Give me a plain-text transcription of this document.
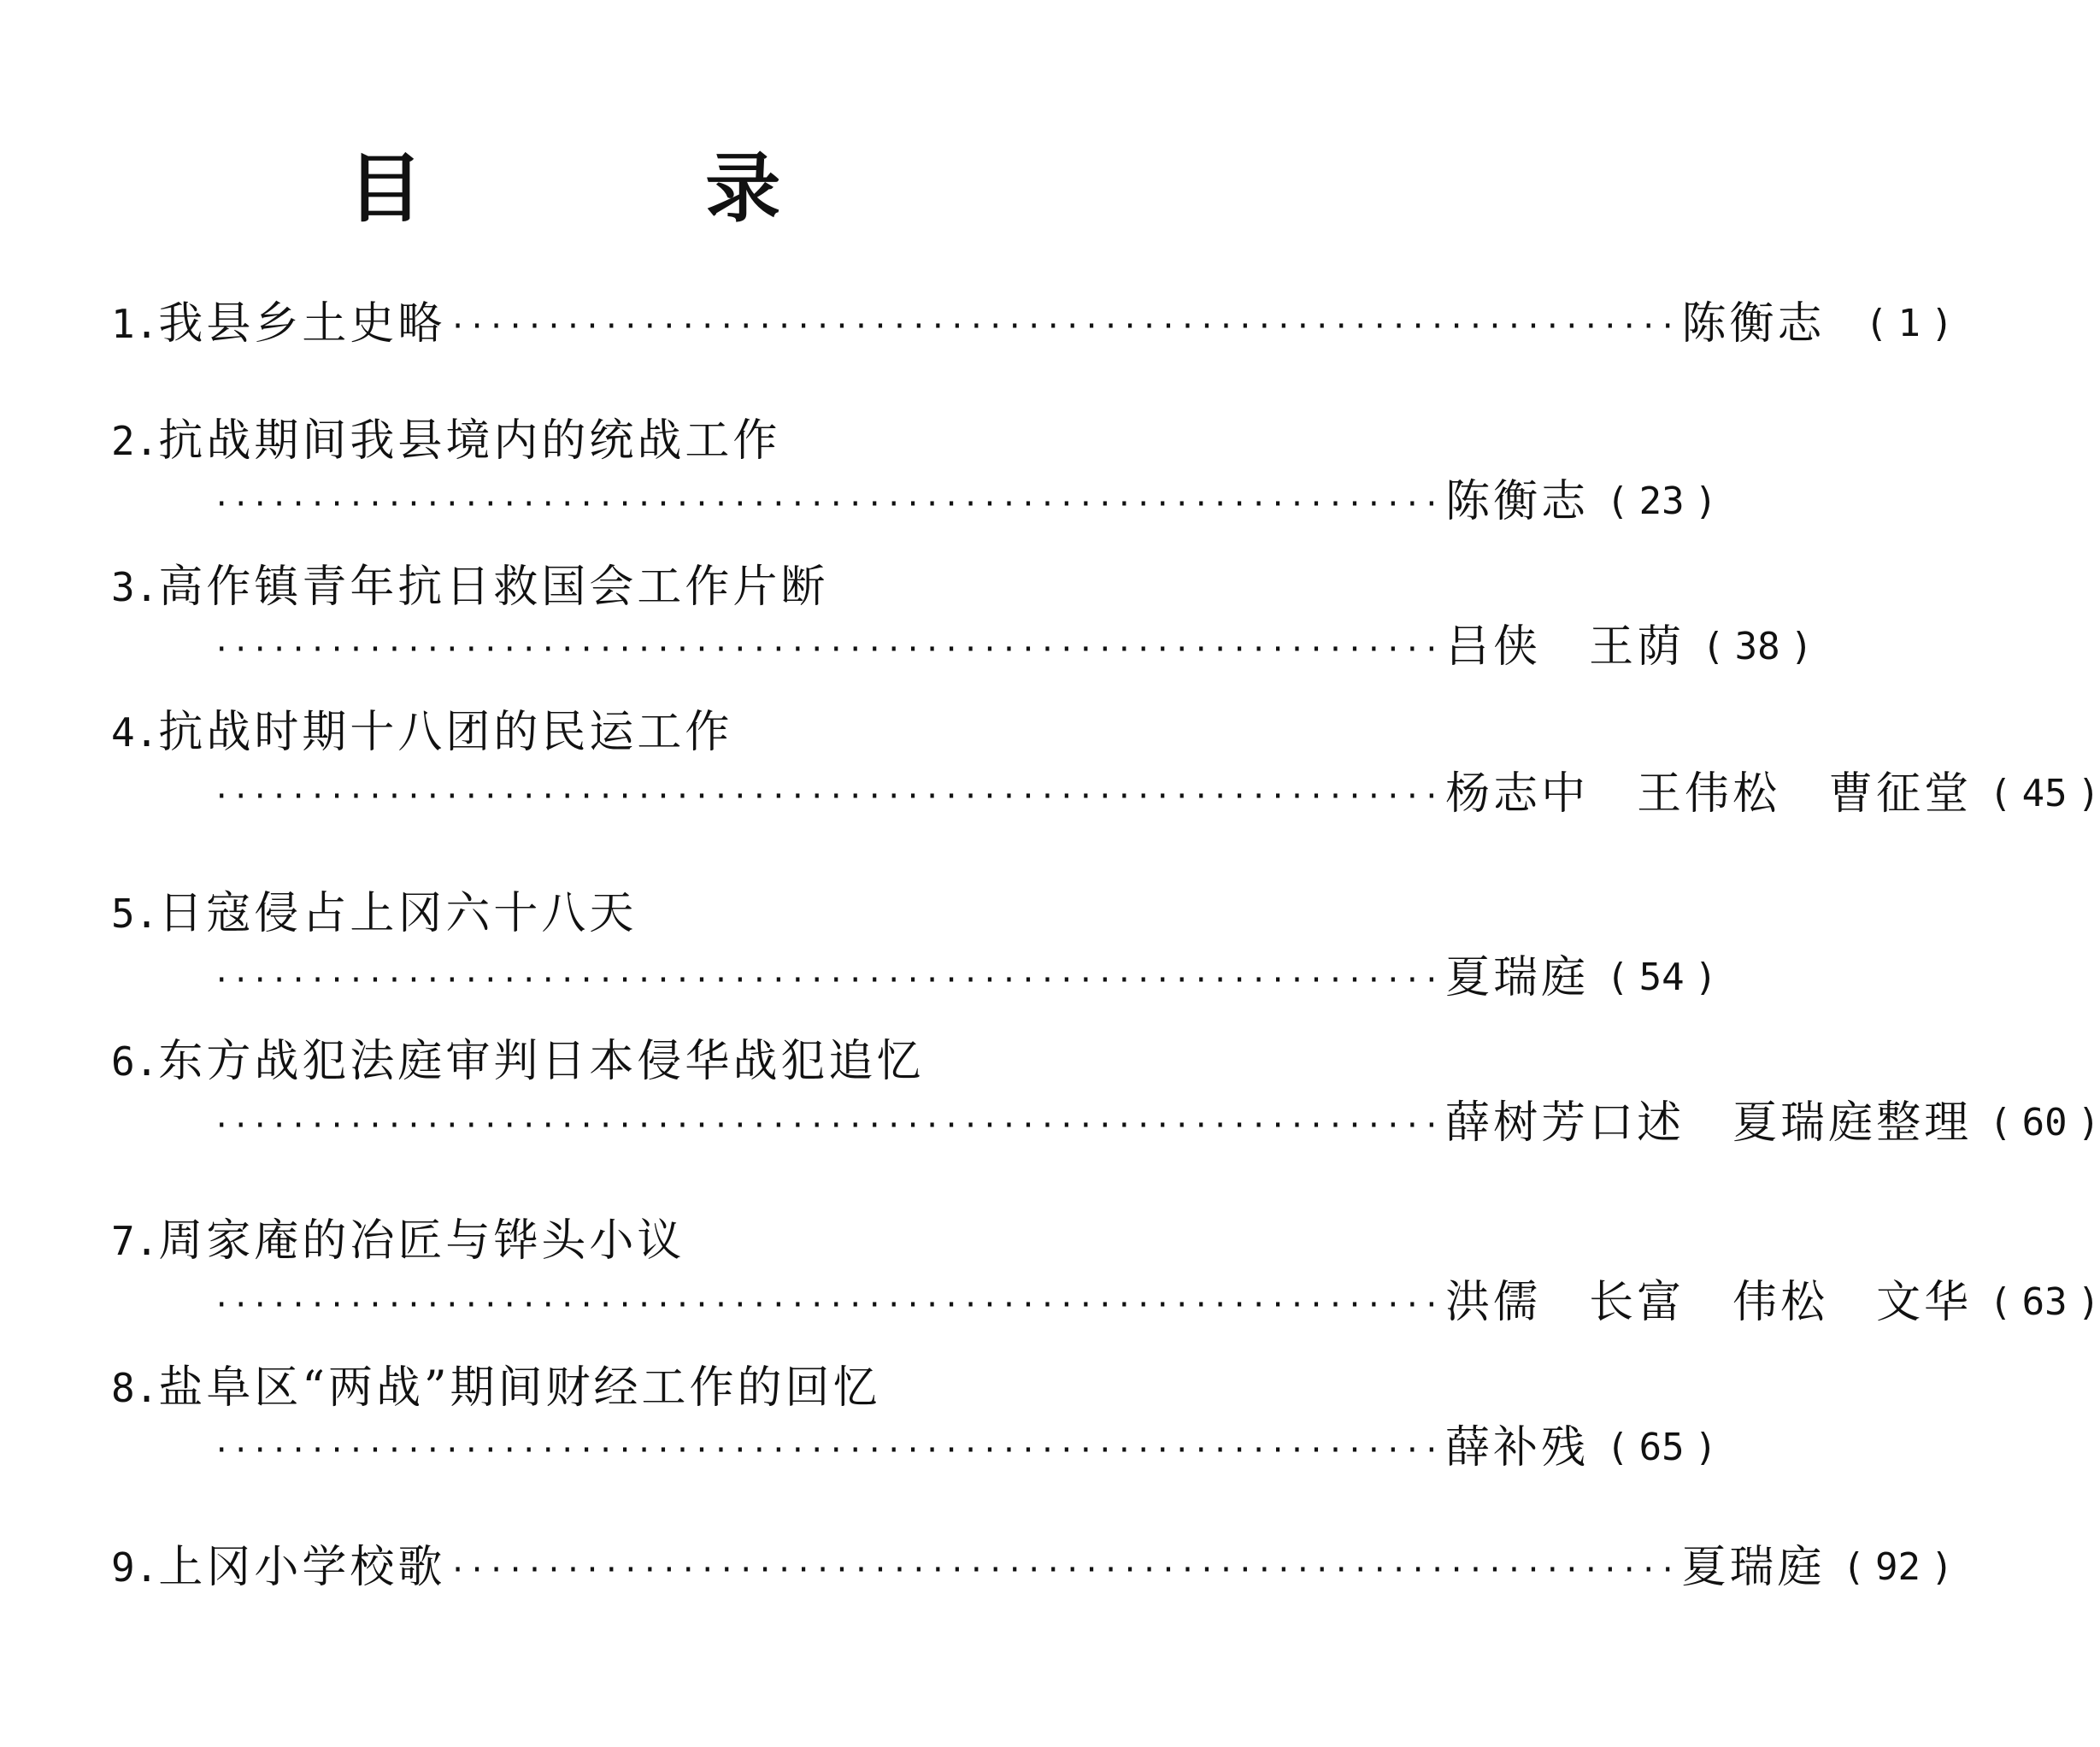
目 录
1. 我县乡土史略 ································································ 陈衡志	( 1 )
2. 抗战期间我县境内的统战工作
································································ 陈衡志 ( 23 )
3. 高作镇青年抗日救国会工作片断
································································ 吕侠　王荫 ( 38 )
4. 抗战时期十八团的民运工作
································································ 杨志中　王伟松　曹征堂 ( 45 )
5. 日寇侵占上冈六十八天
································································ 夏瑞庭 ( 54 )
6. 东方战犯法庭审判日本侵华战犯追忆
································································ 薛树芳口述　夏瑞庭整理 ( 60 )
7. 周家庵的冶匠与铧头小议
································································ 洪儒　长富　伟松　文华 ( 63 )
8. 盐阜区“两战”期间财经工作的回忆
································································ 薛补残 ( 65 )
9. 上冈小学校歌 ································································ 夏瑞庭 ( 92 )
